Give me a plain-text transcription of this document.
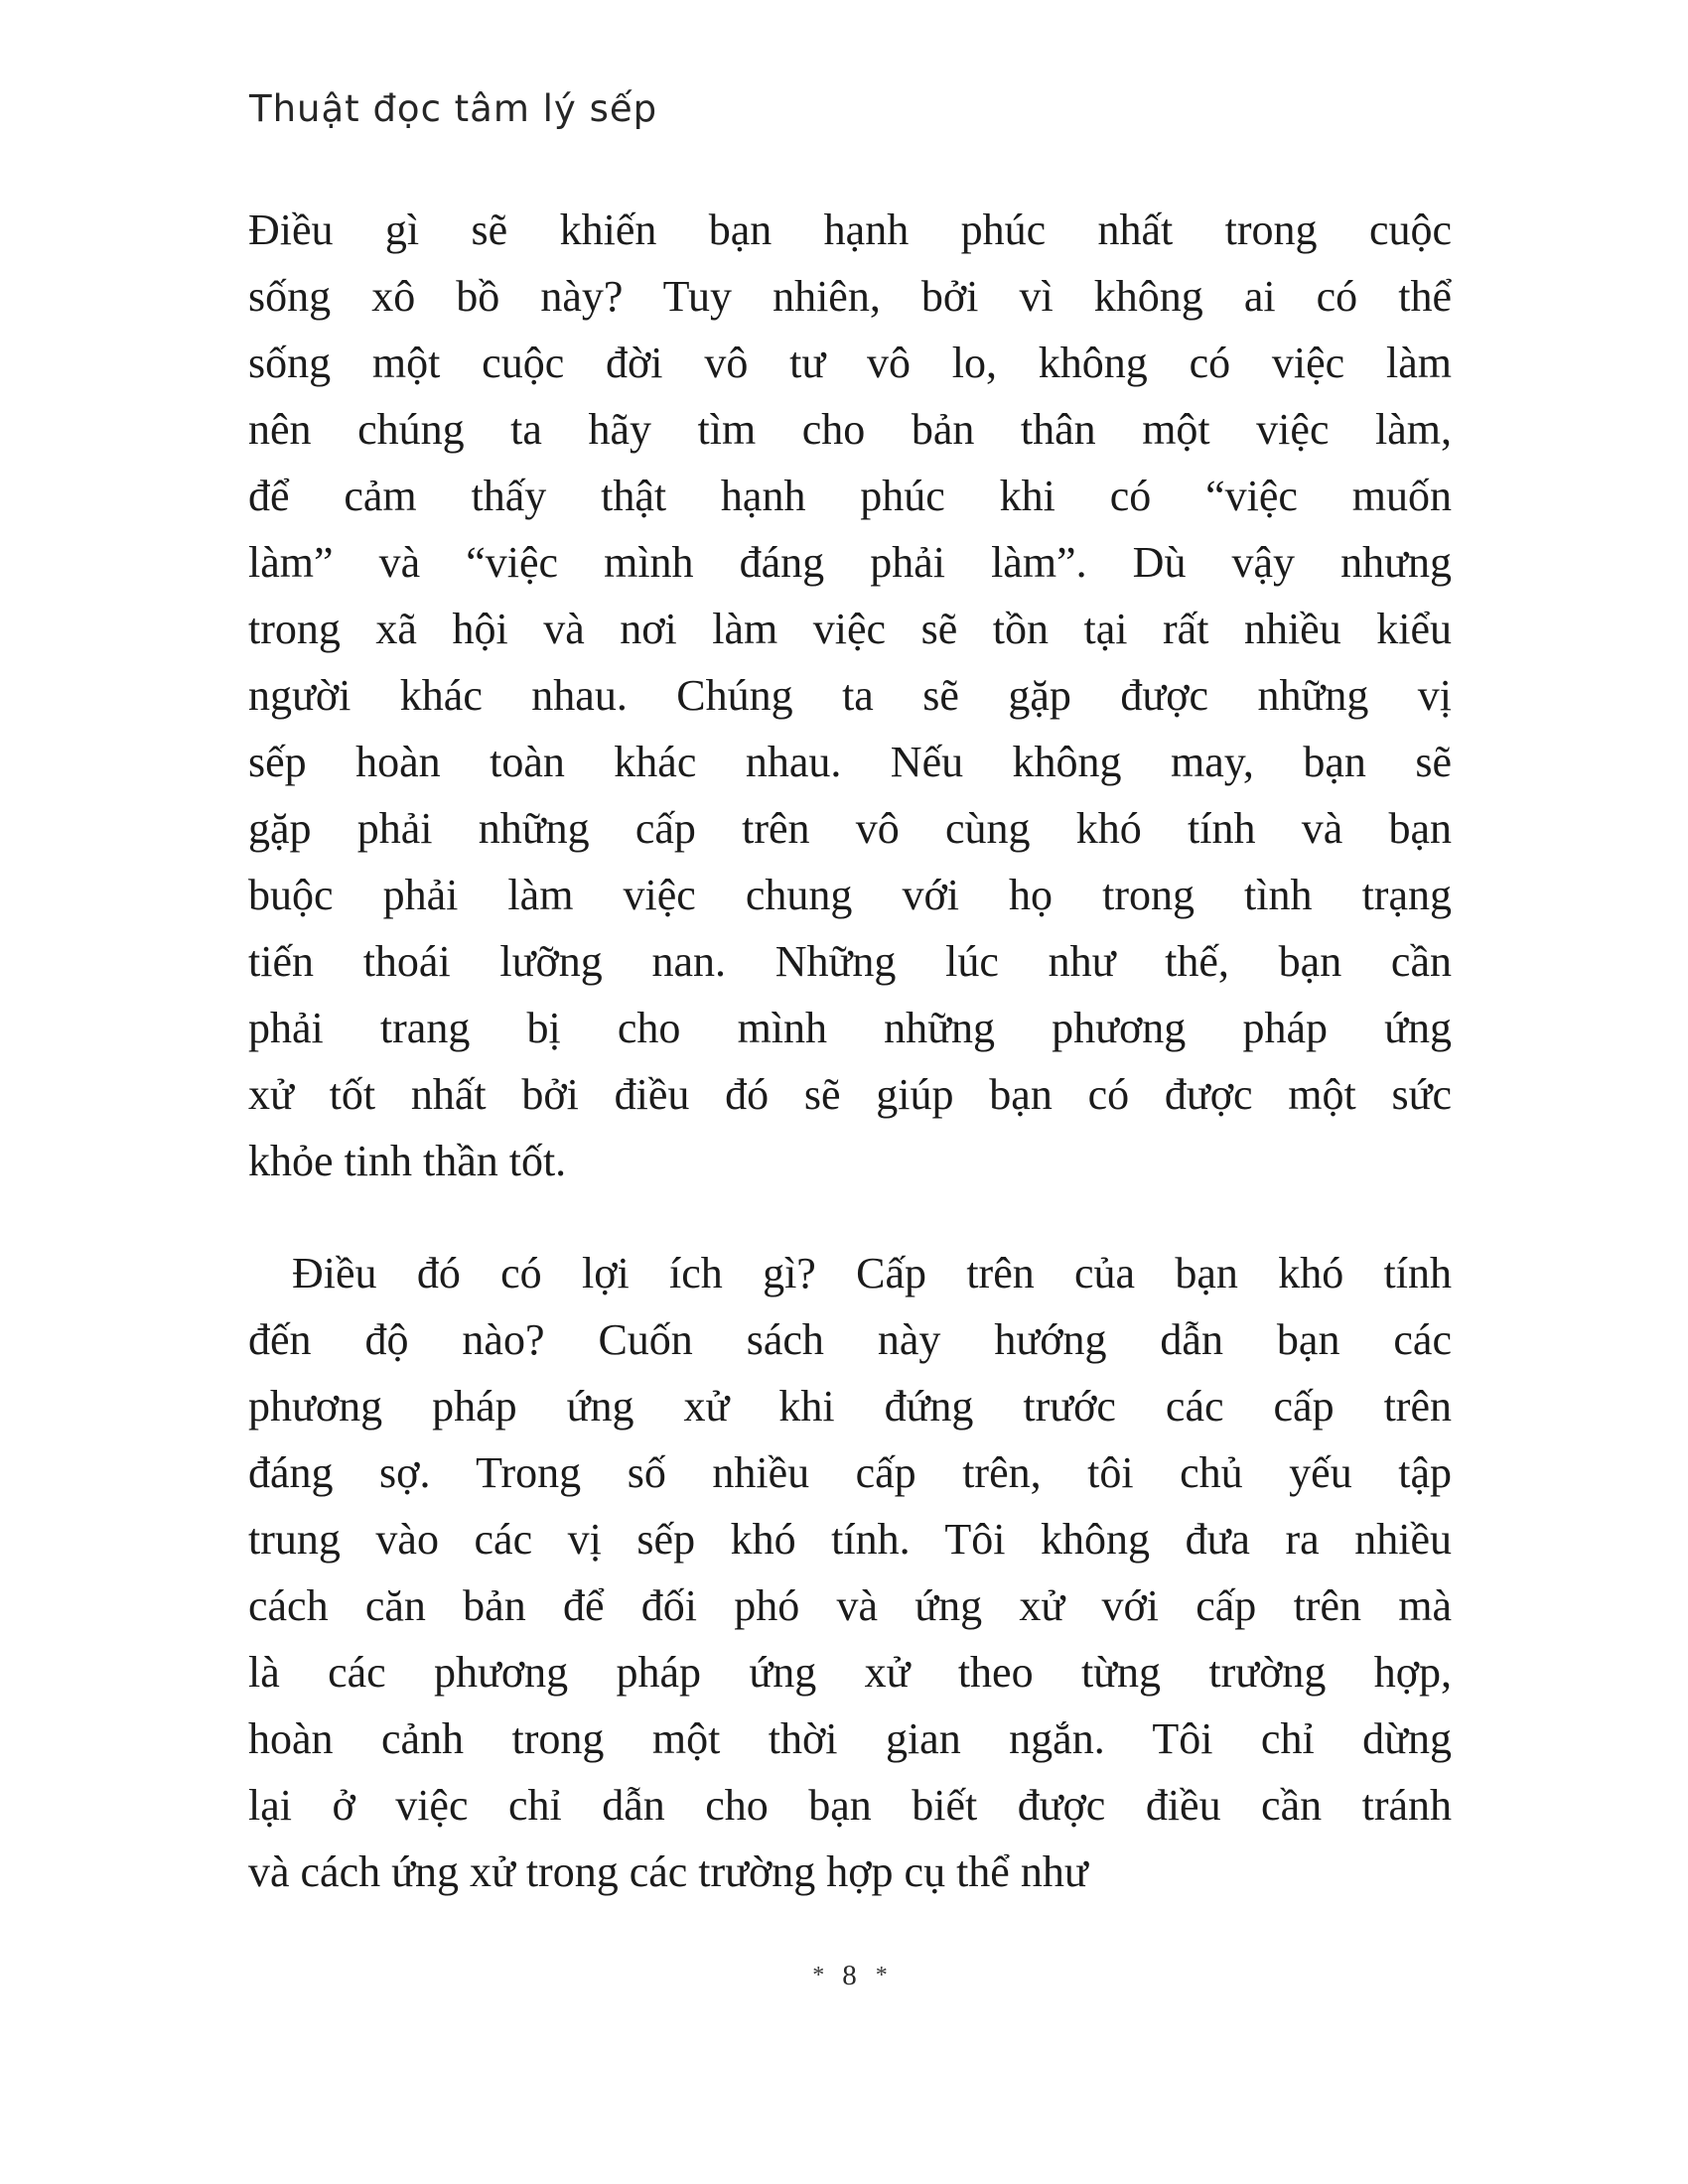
Thuật đọc tâm lý sếp
Điều gì sẽ khiến bạn hạnh phúc nhất trong cuộc
sống xô bồ này? Tuy nhiên, bởi vì không ai có thể
sống một cuộc đời vô tư vô lo, không có việc làm
nên chúng ta hãy tìm cho bản thân một việc làm,
để cảm thấy thật hạnh phúc khi có “việc muốn
làm” và “việc mình đáng phải làm”. Dù vậy nhưng
trong xã hội và nơi làm việc sẽ tồn tại rất nhiều kiểu
người khác nhau. Chúng ta sẽ gặp được những vị
sếp hoàn toàn khác nhau. Nếu không may, bạn sẽ
gặp phải những cấp trên vô cùng khó tính và bạn
buộc phải làm việc chung với họ trong tình trạng
tiến thoái lưỡng nan. Những lúc như thế, bạn cần
phải trang bị cho mình những phương pháp ứng
xử tốt nhất bởi điều đó sẽ giúp bạn có được một sức
khỏe tinh thần tốt.
Điều đó có lợi ích gì? Cấp trên của bạn khó tính
đến độ nào? Cuốn sách này hướng dẫn bạn các
phương pháp ứng xử khi đứng trước các cấp trên
đáng sợ. Trong số nhiều cấp trên, tôi chủ yếu tập
trung vào các vị sếp khó tính. Tôi không đưa ra nhiều
cách căn bản để đối phó và ứng xử với cấp trên mà
là các phương pháp ứng xử theo từng trường hợp,
hoàn cảnh trong một thời gian ngắn. Tôi chỉ dừng
lại ở việc chỉ dẫn cho bạn biết được điều cần tránh
và cách ứng xử trong các trường hợp cụ thể như
* 8 *
